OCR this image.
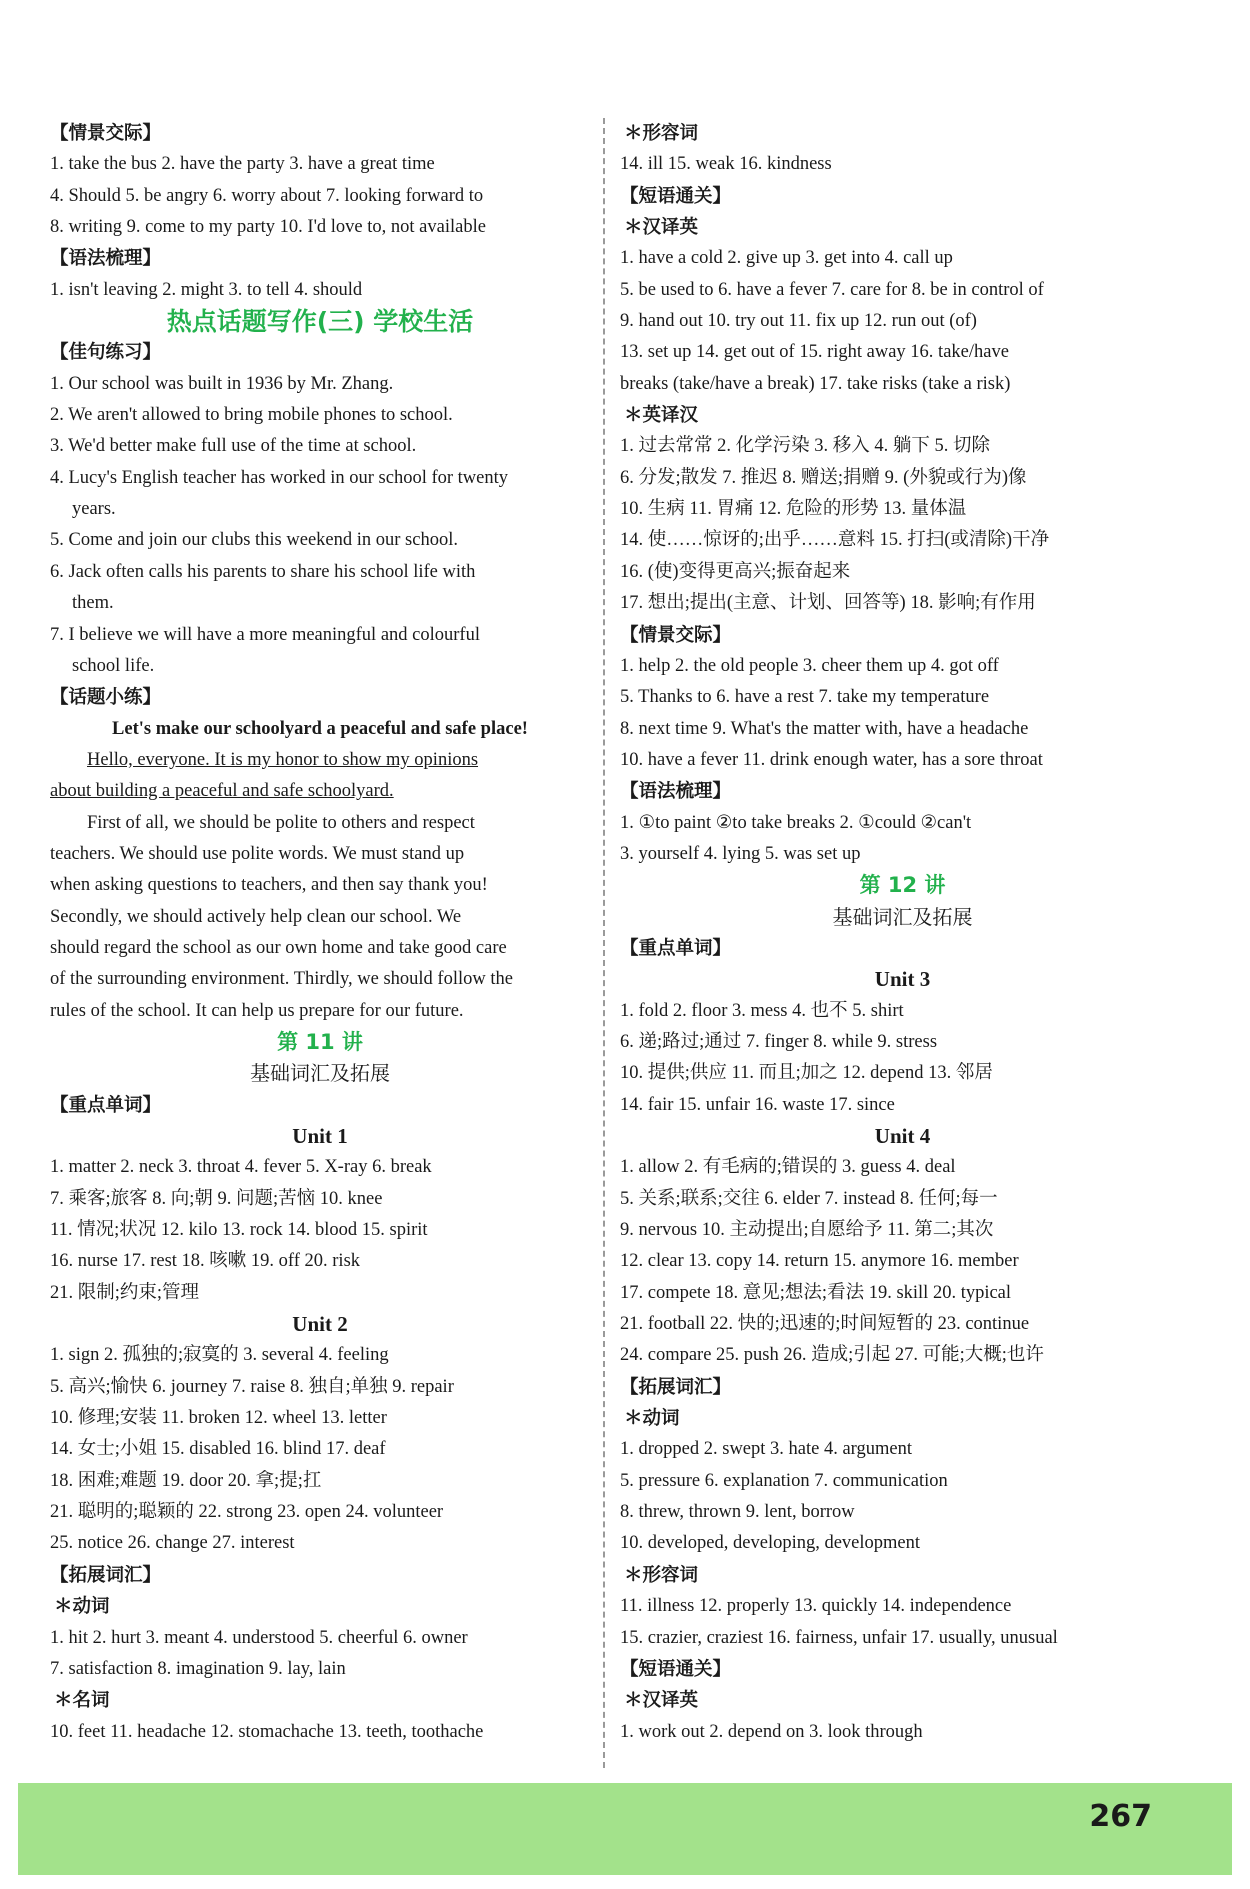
【情景交际】
1. take the bus 2. have the party 3. have a great time
4. Should 5. be angry 6. worry about 7. looking forward to
8. writing 9. come to my party 10. I'd love to, not available
【语法梳理】
1. isn't leaving 2. might 3. to tell 4. should
热点话题写作(三) 学校生活
【佳句练习】
1. Our school was built in 1936 by Mr. Zhang.
2. We aren't allowed to bring mobile phones to school.
3. We'd better make full use of the time at school.
4. Lucy's English teacher has worked in our school for twenty
years.
5. Come and join our clubs this weekend in our school.
6. Jack often calls his parents to share his school life with
them.
7. I believe we will have a more meaningful and colourful
school life.
【话题小练】
Let's make our schoolyard a peaceful and safe place!
Hello, everyone. It is my honor to show my opinions
about building a peaceful and safe schoolyard.
First of all, we should be polite to others and respect
teachers. We should use polite words. We must stand up
when asking questions to teachers, and then say thank you!
Secondly, we should actively help clean our school. We
should regard the school as our own home and take good care
of the surrounding environment. Thirdly, we should follow the
rules of the school. It can help us prepare for our future.
第 11 讲
基础词汇及拓展
【重点单词】
Unit 1
1. matter 2. neck 3. throat 4. fever 5. X-ray 6. break
7. 乘客;旅客 8. 向;朝 9. 问题;苦恼 10. knee
11. 情况;状况 12. kilo 13. rock 14. blood 15. spirit
16. nurse 17. rest 18. 咳嗽 19. off 20. risk
21. 限制;约束;管理
Unit 2
1. sign 2. 孤独的;寂寞的 3. several 4. feeling
5. 高兴;愉快 6. journey 7. raise 8. 独自;单独 9. repair
10. 修理;安装 11. broken 12. wheel 13. letter
14. 女士;小姐 15. disabled 16. blind 17. deaf
18. 困难;难题 19. door 20. 拿;提;扛
21. 聪明的;聪颖的 22. strong 23. open 24. volunteer
25. notice 26. change 27. interest
【拓展词汇】
＊动词
1. hit 2. hurt 3. meant 4. understood 5. cheerful 6. owner
7. satisfaction 8. imagination 9. lay, lain
＊名词
10. feet 11. headache 12. stomachache 13. teeth, toothache
＊形容词
14. ill 15. weak 16. kindness
【短语通关】
＊汉译英
1. have a cold 2. give up 3. get into 4. call up
5. be used to 6. have a fever 7. care for 8. be in control of
9. hand out 10. try out 11. fix up 12. run out (of)
13. set up 14. get out of 15. right away 16. take/have
breaks (take/have a break) 17. take risks (take a risk)
＊英译汉
1. 过去常常 2. 化学污染 3. 移入 4. 躺下 5. 切除
6. 分发;散发 7. 推迟 8. 赠送;捐赠 9. (外貌或行为)像
10. 生病 11. 胃痛 12. 危险的形势 13. 量体温
14. 使……惊讶的;出乎……意料 15. 打扫(或清除)干净
16. (使)变得更高兴;振奋起来
17. 想出;提出(主意、计划、回答等) 18. 影响;有作用
【情景交际】
1. help 2. the old people 3. cheer them up 4. got off
5. Thanks to 6. have a rest 7. take my temperature
8. next time 9. What's the matter with, have a headache
10. have a fever 11. drink enough water, has a sore throat
【语法梳理】
1. ①to paint ②to take breaks 2. ①could ②can't
3. yourself 4. lying 5. was set up
第 12 讲
基础词汇及拓展
【重点单词】
Unit 3
1. fold 2. floor 3. mess 4. 也不 5. shirt
6. 递;路过;通过 7. finger 8. while 9. stress
10. 提供;供应 11. 而且;加之 12. depend 13. 邻居
14. fair 15. unfair 16. waste 17. since
Unit 4
1. allow 2. 有毛病的;错误的 3. guess 4. deal
5. 关系;联系;交往 6. elder 7. instead 8. 任何;每一
9. nervous 10. 主动提出;自愿给予 11. 第二;其次
12. clear 13. copy 14. return 15. anymore 16. member
17. compete 18. 意见;想法;看法 19. skill 20. typical
21. football 22. 快的;迅速的;时间短暂的 23. continue
24. compare 25. push 26. 造成;引起 27. 可能;大概;也许
【拓展词汇】
＊动词
1. dropped 2. swept 3. hate 4. argument
5. pressure 6. explanation 7. communication
8. threw, thrown 9. lent, borrow
10. developed, developing, development
＊形容词
11. illness 12. properly 13. quickly 14. independence
15. crazier, craziest 16. fairness, unfair 17. usually, unusual
【短语通关】
＊汉译英
1. work out 2. depend on 3. look through
267
